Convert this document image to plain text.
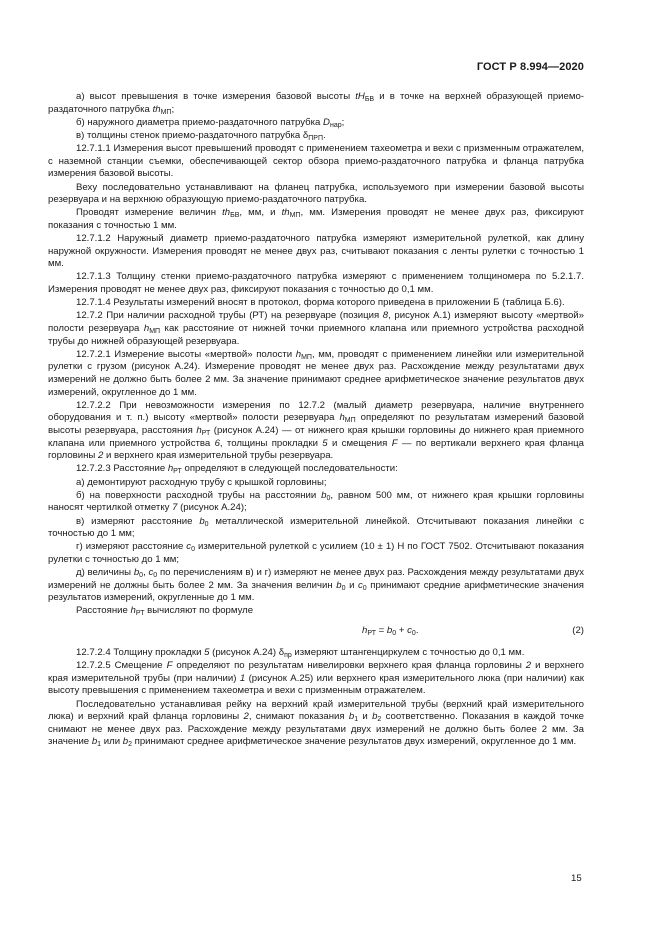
ГОСТ Р 8.994—2020

а) высот превышения в точке измерения базовой высоты $tH_{БВ}$ и в точке на верхней образующей приемо-раздаточного патрубка $th_{МП}$;

б) наружного диаметра приемо-раздаточного патрубка $D_{нар}$;

в) толщины стенок приемо-раздаточного патрубка $\delta_{ПРП}$.

12.7.1.1 Измерения высот превышений проводят с применением тахеометра и вехи с призменным отражателем, с наземной станции съемки, обеспечивающей сектор обзора приемо-раздаточного патрубка и фланца патрубка измерения базовой высоты.

Веху последовательно устанавливают на фланец патрубка, используемого при измерении базовой высоты резервуара и на верхнюю образующую приемо-раздаточного патрубка.

Проводят измерение величин $th_{БВ}$, мм, и $th_{МП}$, мм. Измерения проводят не менее двух раз, фиксируют показания с точностью 1 мм.

12.7.1.2 Наружный диаметр приемо-раздаточного патрубка измеряют измерительной рулеткой, как длину наружной окружности. Измерения проводят не менее двух раз, считывают показания с ленты рулетки с точностью 1 мм.

12.7.1.3 Толщину стенки приемо-раздаточного патрубка измеряют с применением толщиномера по 5.2.1.7. Измерения проводят не менее двух раз, фиксируют показания с точностью до 0,1 мм.

12.7.1.4 Результаты измерений вносят в протокол, форма которого приведена в приложении Б (таблица Б.6).

12.7.2 При наличии расходной трубы (РТ) на резервуаре (позиция 8, рисунок А.1) измеряют высоту «мертвой» полости резервуара $h_{МП}$ как расстояние от нижней точки приемного клапана или приемного устройства расходной трубы до нижней образующей резервуара.

12.7.2.1 Измерение высоты «мертвой» полости $h_{МП}$, мм, проводят с применением линейки или измерительной рулетки с грузом (рисунок А.24). Измерение проводят не менее двух раз. Расхождение между результатами двух измерений не должно быть более 2 мм. За значение принимают среднее арифметическое значение результатов двух измерений, округленное до 1 мм.

12.7.2.2 При невозможности измерения по 12.7.2 (малый диаметр резервуара, наличие внутреннего оборудования и т. п.) высоту «мертвой» полости резервуара $h_{МП}$ определяют по результатам измерений базовой высоты резервуара, расстояния $h_{РТ}$ (рисунок А.24) — от нижнего края крышки горловины до нижнего края приемного клапана или приемного устройства 6, толщины прокладки 5 и смещения F — по вертикали верхнего края фланца горловины 2 и верхнего края измерительной трубы резервуара.

12.7.2.3 Расстояние $h_{РТ}$ определяют в следующей последовательности:

а) демонтируют расходную трубу с крышкой горловины;

б) на поверхности расходной трубы на расстоянии $b_0$, равном 500 мм, от нижнего края крышки горловины наносят чертилкой отметку 7 (рисунок А.24);

в) измеряют расстояние $b_0$ металлической измерительной линейкой. Отсчитывают показания линейки с точностью до 1 мм;

г) измеряют расстояние $c_0$ измерительной рулеткой с усилием (10 ± 1) Н по ГОСТ 7502. Отсчитывают показания рулетки с точностью до 1 мм;

д) величины $b_0$, $c_0$ по перечислениям в) и г) измеряют не менее двух раз. Расхождения между результатами двух измерений не должны быть более 2 мм. За значения величин $b_0$ и $c_0$ принимают средние арифметические значения результатов измерений, округленные до 1 мм.

Расстояние $h_{РТ}$ вычисляют по формуле

$h_{РТ} = b_0 + c_0$.	(2)

12.7.2.4 Толщину прокладки 5 (рисунок А.24) $\delta_{пр}$ измеряют штангенциркулем с точностью до 0,1 мм.

12.7.2.5 Смещение F определяют по результатам нивелировки верхнего края фланца горловины 2 и верхнего края измерительной трубы (при наличии) 1 (рисунок А.25) или верхнего края измерительного люка (при наличии) как высоту превышения с применением тахеометра и вехи с призменным отражателем.

Последовательно устанавливая рейку на верхний край измерительной трубы (верхний край измерительного люка) и верхний край фланца горловины 2, снимают показания $b_1$ и $b_2$ соответственно. Показания в каждой точке снимают не менее двух раз. Расхождение между результатами двух измерений не должно быть более 2 мм. За значение $b_1$ или $b_2$ принимают среднее арифметическое значение результатов двух измерений, округленное до 1 мм.

15
